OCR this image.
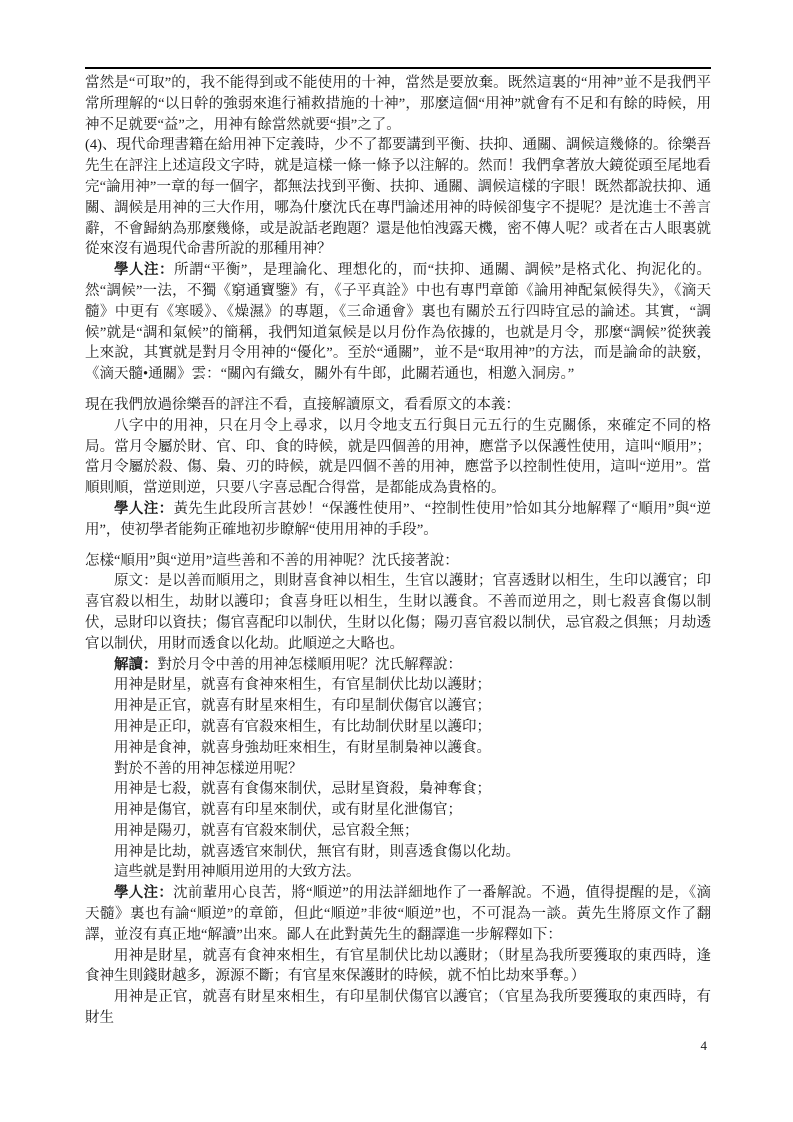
當然是“可取”的，我不能得到或不能使用的十神，當然是要放棄。既然這裏的“用神”並不是我們平常所理解的“以日幹的強弱來進行補救措施的十神”，那麼這個“用神”就會有不足和有餘的時候，用神不足就要“益”之，用神有餘當然就要“損”之了。

(4)、現代命理書籍在給用神下定義時，少不了都要講到平衡、扶抑、通關、調候這幾條的。徐樂吾先生在評注上述這段文字時，就是這樣一條一條予以注解的。然而！我們拿著放大鏡從頭至尾地看完“論用神”一章的每一個字，都無法找到平衡、扶抑、通關、調候這樣的字眼！既然都說扶抑、通關、調候是用神的三大作用，哪為什麼沈氏在專門論述用神的時候卻隻字不提呢？是沈進士不善言辭，不會歸納為那麼幾條，或是說話老跑題？還是他怕洩露天機，密不傳人呢？或者在古人眼裏就從來沒有過現代命書所說的那種用神？

學人注：所謂“平衡”，是理論化、理想化的，而“扶抑、通關、調候”是格式化、拘泥化的。然“調候”一法，不獨《窮通寶鑒》有，《子平真詮》中也有專門章節《論用神配氣候得失》，《滴天髓》中更有《寒暖》、《燥濕》的專題，《三命通會》裏也有關於五行四時宜忌的論述。其實，“調候”就是“調和氣候”的簡稱，我們知道氣候是以月份作為依據的，也就是月令，那麼“調候”從狹義上來說，其實就是對月令用神的“優化”。至於“通關”，並不是“取用神”的方法，而是論命的訣竅，《滴天髓•通關》雲：“關內有織女，關外有牛郎，此關若通也，相邀入洞房。”

現在我們放過徐樂吾的評注不看，直接解讀原文，看看原文的本義：

八字中的用神，只在月令上尋求，以月令地支五行與日元五行的生克關係，來確定不同的格局。當月令屬於財、官、印、食的時候，就是四個善的用神，應當予以保護性使用，這叫“順用”；當月令屬於殺、傷、梟、刃的時候，就是四個不善的用神，應當予以控制性使用，這叫“逆用”。當順則順，當逆則逆，只要八字喜忌配合得當，是都能成為貴格的。

學人注：黃先生此段所言甚妙！“保護性使用”、“控制性使用”恰如其分地解釋了“順用”與“逆用”，使初學者能夠正確地初步瞭解“使用用神的手段”。

怎樣“順用”與“逆用”這些善和不善的用神呢？沈氏接著說：

原文：是以善而順用之，則財喜食神以相生，生官以護財；官喜透財以相生，生印以護官；印喜官殺以相生，劫財以護印；食喜身旺以相生，生財以護食。不善而逆用之，則七殺喜食傷以制伏，忌財印以資扶；傷官喜配印以制伏，生財以化傷；陽刃喜官殺以制伏，忌官殺之俱無；月劫透官以制伏，用財而透食以化劫。此順逆之大略也。

解讀：對於月令中善的用神怎樣順用呢？沈氏解釋說：

用神是財星，就喜有食神來相生，有官星制伏比劫以護財；

用神是正官，就喜有財星來相生，有印星制伏傷官以護官；

用神是正印，就喜有官殺來相生，有比劫制伏財星以護印；

用神是食神，就喜身強劫旺來相生，有財星制梟神以護食。

對於不善的用神怎樣逆用呢？

用神是七殺，就喜有食傷來制伏，忌財星資殺，梟神奪食；

用神是傷官，就喜有印星來制伏，或有財星化泄傷官；

用神是陽刃，就喜有官殺來制伏，忌官殺全無；

用神是比劫，就喜透官來制伏，無官有財，則喜透食傷以化劫。

這些就是對用神順用逆用的大致方法。

學人注：沈前輩用心良苦，將“順逆”的用法詳細地作了一番解說。不過，值得提醒的是，《滴天髓》裏也有論“順逆”的章節，但此“順逆”非彼“順逆”也，不可混為一談。黃先生將原文作了翻譯，並沒有真正地“解讀”出來。鄙人在此對黃先生的翻譯進一步解釋如下：

用神是財星，就喜有食神來相生，有官星制伏比劫以護財；（財星為我所要獲取的東西時，逢食神生則錢財越多，源源不斷；有官星來保護財的時候，就不怕比劫來爭奪。）

用神是正官，就喜有財星來相生，有印星制伏傷官以護官；（官星為我所要獲取的東西時，有財生

4
